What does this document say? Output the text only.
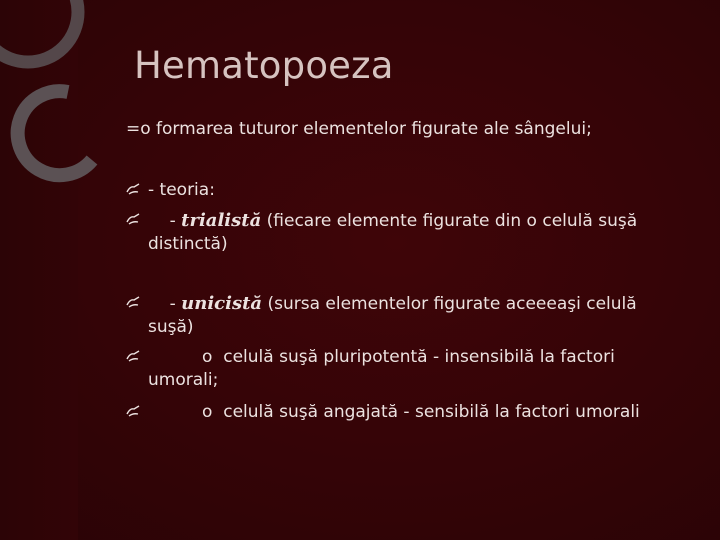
Hematopoeza
=o formarea tuturor elementelor figurate ale sângelui;
- teoria:
- trialistă (fiecare elemente figurate din o celulă suşă
distinctă)
- unicistă (sursa elementelor figurate aceeeaşi celulă
suşă)
o  celulă suşă pluripotentă - insensibilă la factori
umorali;
o  celulă suşă angajată - sensibilă la factori umorali
